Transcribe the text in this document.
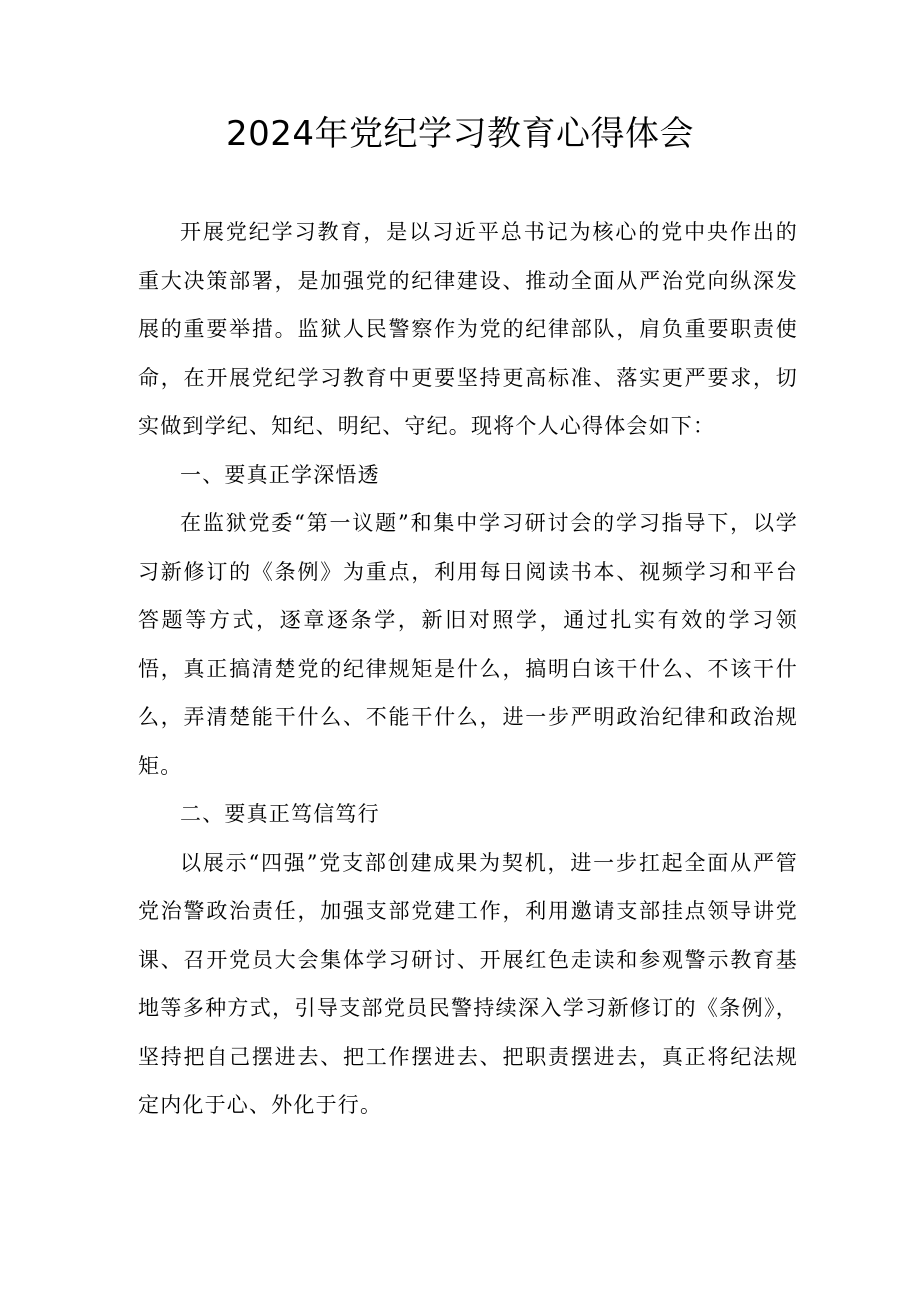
2024年党纪学习教育心得体会

开展党纪学习教育，是以习近平总书记为核心的党中央作出的重大决策部署，是加强党的纪律建设、推动全面从严治党向纵深发展的重要举措。监狱人民警察作为党的纪律部队，肩负重要职责使命，在开展党纪学习教育中更要坚持更高标准、落实更严要求，切实做到学纪、知纪、明纪、守纪。现将个人心得体会如下：

一、要真正学深悟透

在监狱党委“第一议题”和集中学习研讨会的学习指导下，以学习新修订的《条例》为重点，利用每日阅读书本、视频学习和平台答题等方式，逐章逐条学，新旧对照学，通过扎实有效的学习领悟，真正搞清楚党的纪律规矩是什么，搞明白该干什么、不该干什么，弄清楚能干什么、不能干什么，进一步严明政治纪律和政治规矩。

二、要真正笃信笃行

以展示“四强”党支部创建成果为契机，进一步扛起全面从严管党治警政治责任，加强支部党建工作，利用邀请支部挂点领导讲党课、召开党员大会集体学习研讨、开展红色走读和参观警示教育基地等多种方式，引导支部党员民警持续深入学习新修订的《条例》，坚持把自己摆进去、把工作摆进去、把职责摆进去，真正将纪法规定内化于心、外化于行。
